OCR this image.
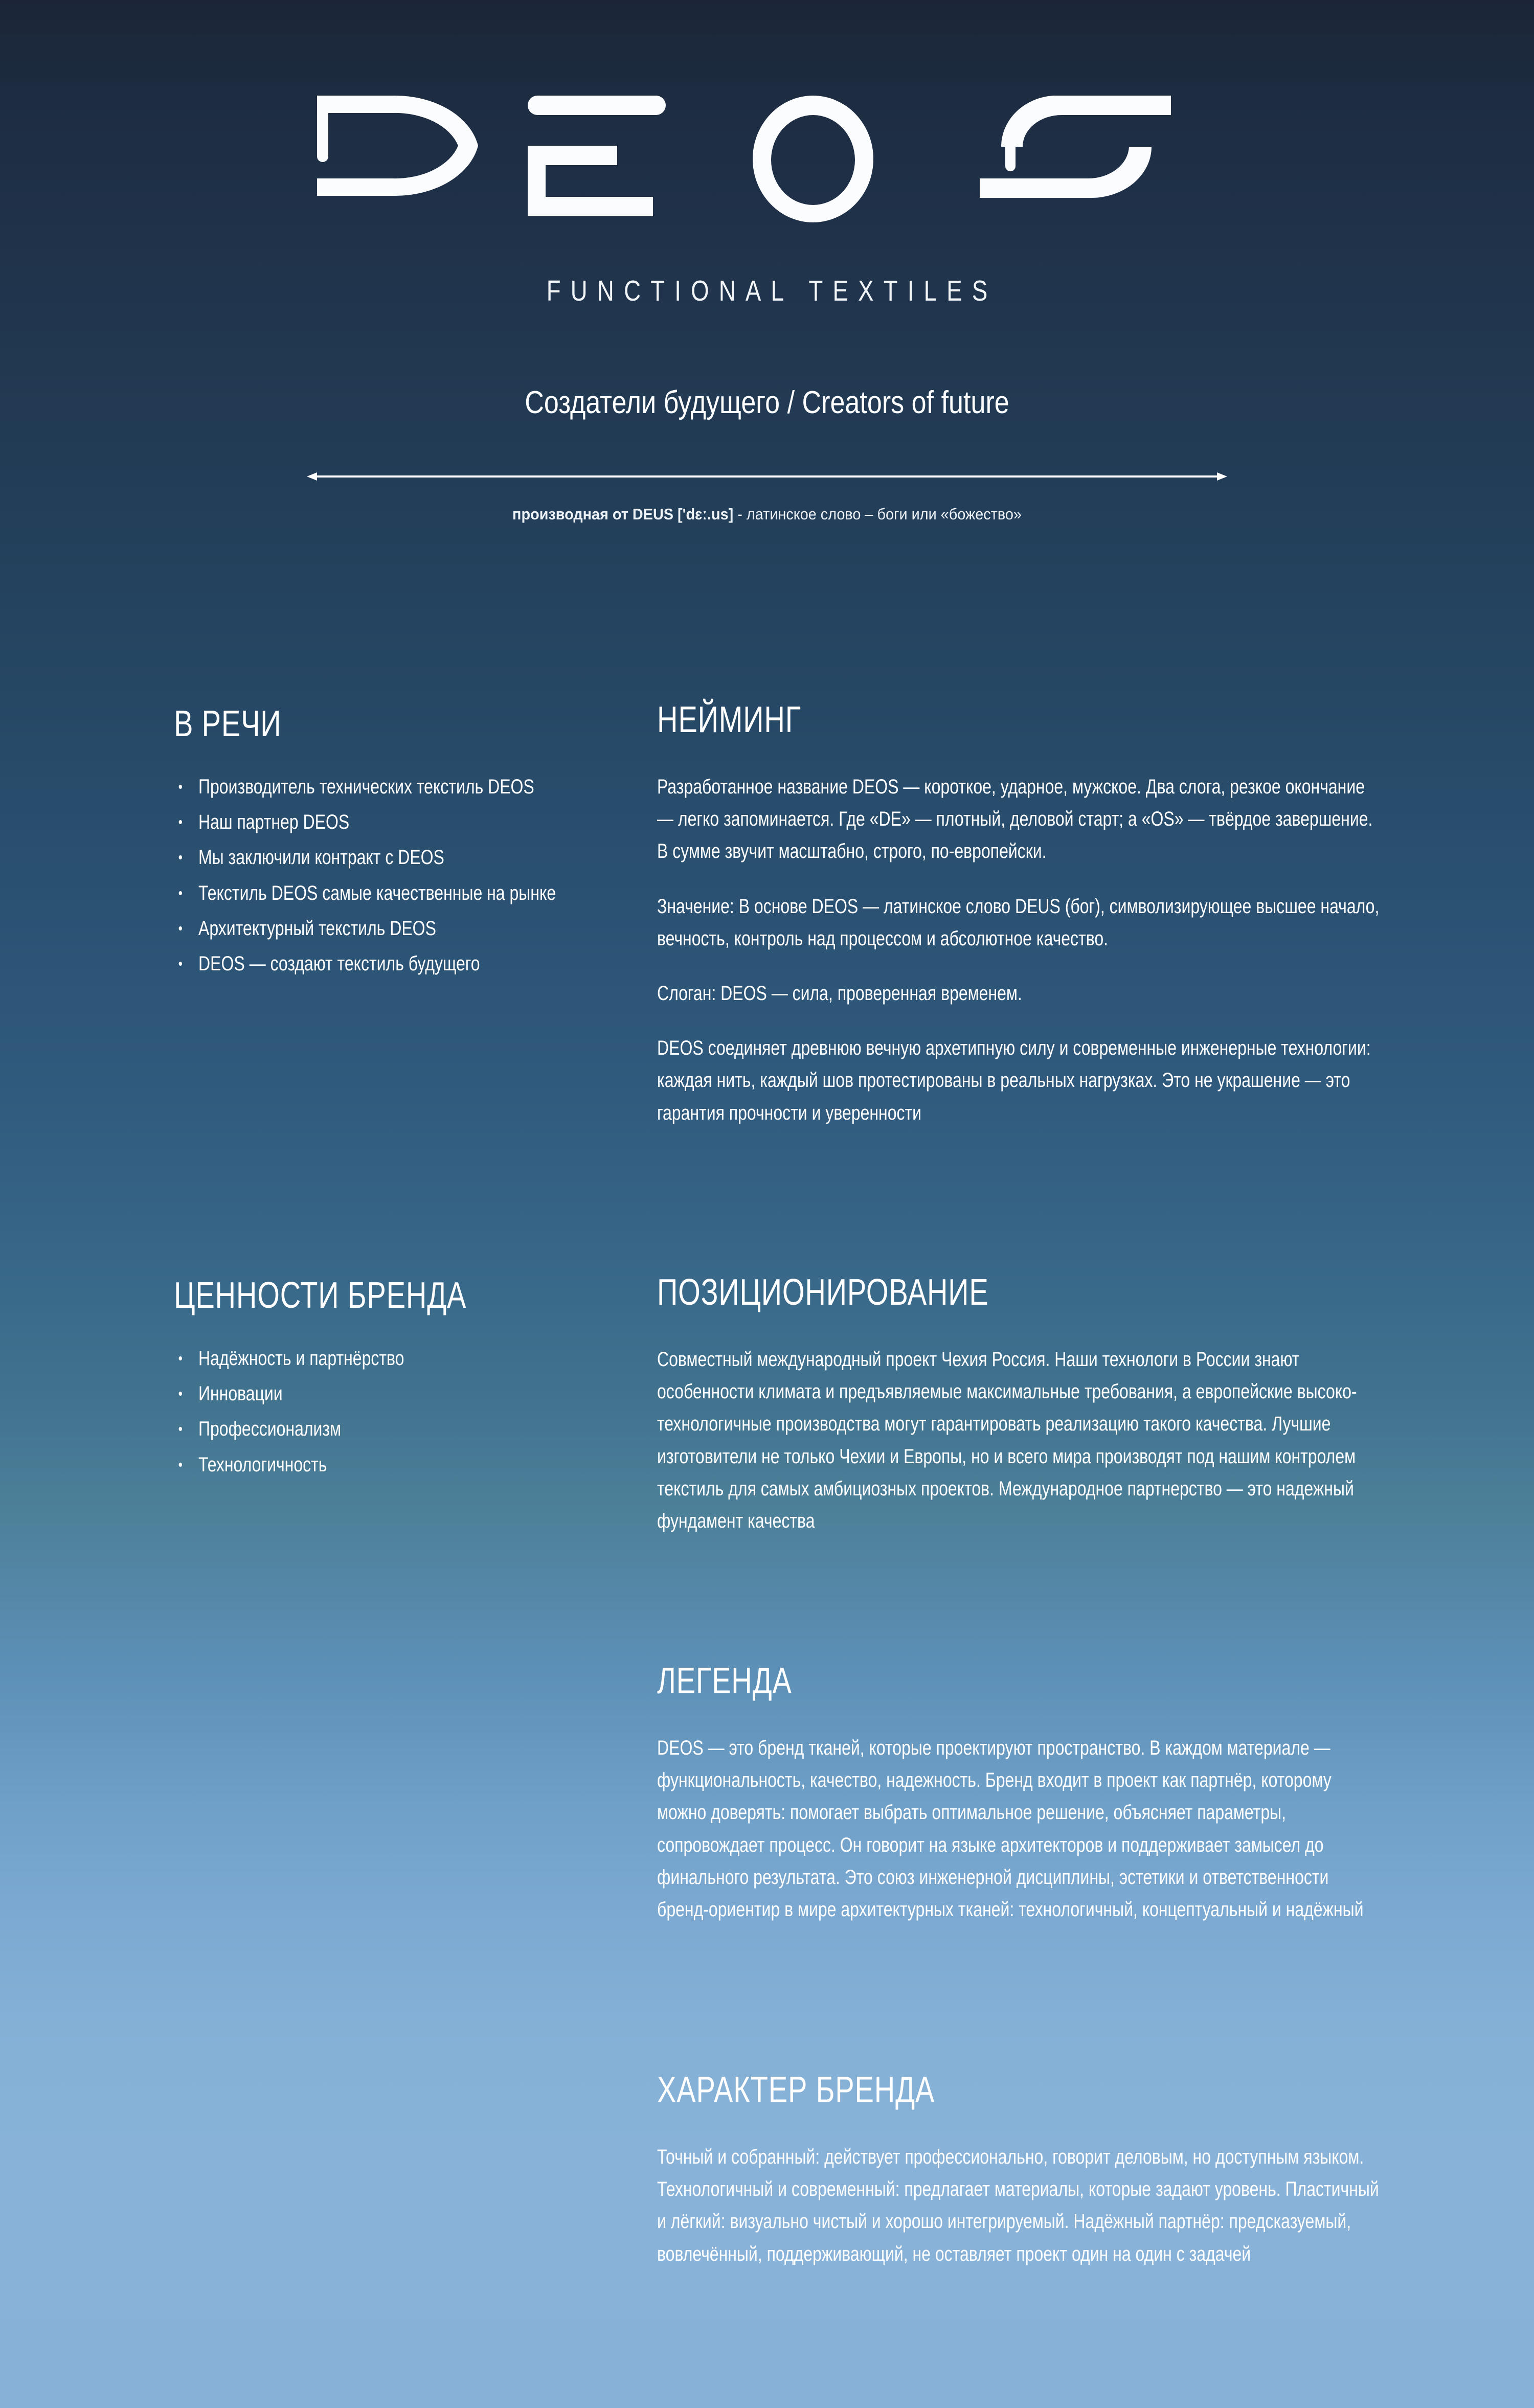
FUNCTIONAL TEXTILES
Создатели будущего / Creators of future
производная от DEUS ['dɛː.us] - латинское слово – боги или «божество»
В РЕЧИ
Производитель технических текстиль DEOS
Наш партнер DEOS
Мы заключили контракт с DEOS
Текстиль DEOS самые качественные на рынке
Архитектурный текстиль DEOS
DEOS — создают текстиль будущего
НЕЙМИНГ

Разработанное название DEOS — короткое, ударное, мужское. Два слога, резкое окончание — легко запоминается. Где «DE» — плотный, деловой старт; а «OS» — твёрдое завершение. В сумме звучит масштабно, строго, по-европейски.

Значение: В основе DEOS — латинское слово DEUS (бог), символизирующее высшее начало, вечность, контроль над процессом и абсолютное качество.

Слоган: DEOS — сила, проверенная временем.

DEOS соединяет древнюю вечную архетипную силу и современные инженерные технологии: каждая нить, каждый шов протестированы в реальных нагрузках. Это не украшение — это гарантия прочности и уверенности

ЦЕННОСТИ БРЕНДА
Надёжность и партнёрство
Инновации
Профессионализм
Технологичность
ПОЗИЦИОНИРОВАНИЕ

Совместный международный проект Чехия Россия. Наши технологи в России знают особенности климата и предъявляемые максимальные требования, а европейские высоко-технологичные производства могут гарантировать реализацию такого качества. Лучшие изготовители не только Чехии и Европы, но и всего мира производят под нашим контролем текстиль для самых амбициозных проектов. Международное партнерство — это надежный фундамент качества

ЛЕГЕНДА

DEOS — это бренд тканей, которые проектируют пространство. В каждом материале — функциональность, качество, надежность. Бренд входит в проект как партнёр, которому можно доверять: помогает выбрать оптимальное решение, объясняет параметры, сопровождает процесс. Он говорит на языке архитекторов и поддерживает замысел до финального результата. Это союз инженерной дисциплины, эстетики и ответственности бренд-ориентир в мире архитектурных тканей: технологичный, концептуальный и надёжный

ХАРАКТЕР БРЕНДА

Точный и собранный: действует профессионально, говорит деловым, но доступным языком. Технологичный и современный: предлагает материалы, которые задают уровень. Пластичный и лёгкий: визуально чистый и хорошо интегрируемый. Надёжный партнёр: предсказуемый, вовлечённый, поддерживающий, не оставляет проект один на один с задачей
